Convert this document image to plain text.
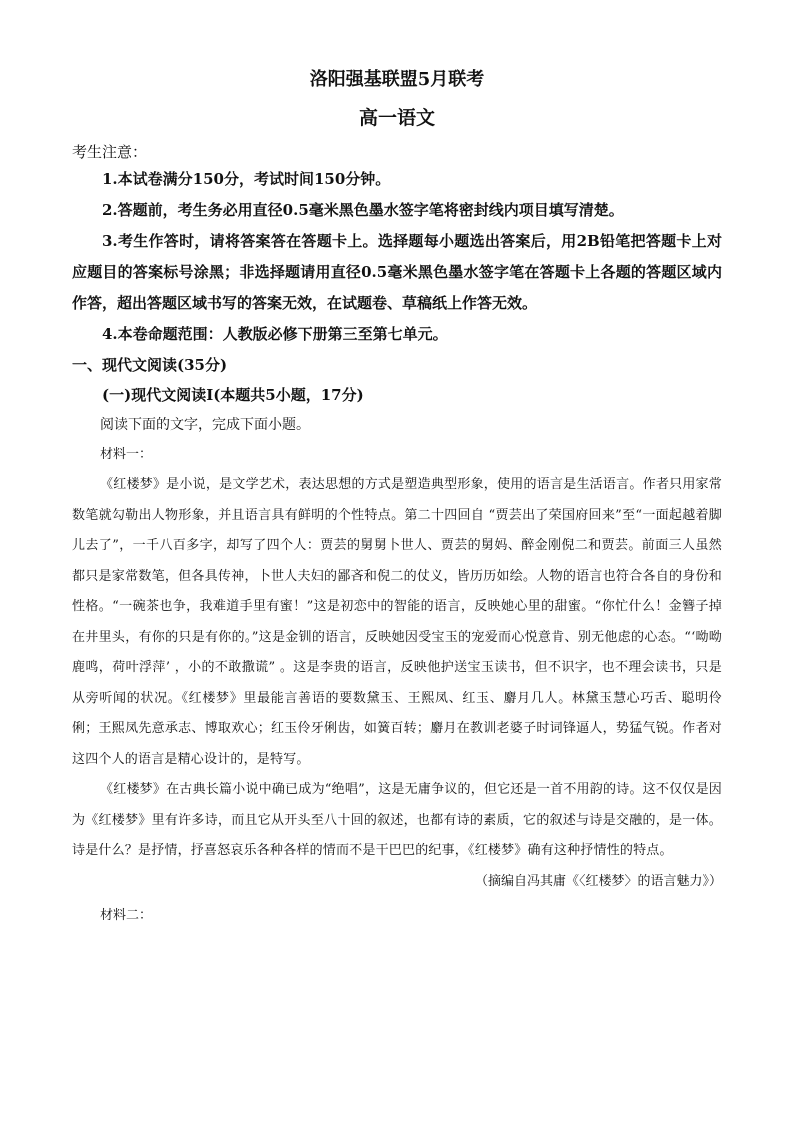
洛阳强基联盟5月联考
高一语文
考生注意：

1.本试卷满分150分，考试时间150分钟。

2.答题前，考生务必用直径0.5毫米黑色墨水签字笔将密封线内项目填写清楚。

3.考生作答时，请将答案答在答题卡上。选择题每小题选出答案后，用2B铅笔把答题卡上对应题目的答案标号涂黑；非选择题请用直径0.5毫米黑色墨水签字笔在答题卡上各题的答题区域内作答，超出答题区域书写的答案无效，在试题卷、草稿纸上作答无效。

4.本卷命题范围：人教版必修下册第三至第七单元。

一、现代文阅读(35分)

(一)现代文阅读Ⅰ(本题共5小题，17分)

阅读下面的文字，完成下面小题。

材料一：

《红楼梦》是小说，是文学艺术，表达思想的方式是塑造典型形象，使用的语言是生活语言。作者只用家常数笔就勾勒出人物形象，并且语言具有鲜明的个性特点。第二十四回自 “贾芸出了荣国府回来”至“一面起越着脚儿去了”，一千八百多字，却写了四个人：贾芸的舅舅卜世人、贾芸的舅妈、醉金刚倪二和贾芸。前面三人虽然都只是家常数笔，但各具传神，卜世人夫妇的鄙吝和倪二的仗义，皆历历如绘。人物的语言也符合各自的身份和性格。“一碗茶也争，我难道手里有蜜！”这是初恋中的智能的语言，反映她心里的甜蜜。“你忙什么！金簪子掉在井里头，有你的只是有你的。”这是金钏的语言，反映她因受宝玉的宠爱而心悦意肯、别无他虑的心态。“‘呦呦鹿鸣，荷叶浮萍’ ，小的不敢撒谎” 。这是李贵的语言，反映他护送宝玉读书，但不识字，也不理会读书，只是从旁听闻的状况。《红楼梦》里最能言善语的要数黛玉、王熙凤、红玉、麝月几人。林黛玉慧心巧舌、聪明伶俐；王熙凤先意承志、博取欢心；红玉伶牙俐齿，如簧百转；麝月在教训老婆子时词锋逼人，势猛气锐。作者对这四个人的语言是精心设计的，是特写。

《红楼梦》在古典长篇小说中确已成为“绝唱”，这是无庸争议的，但它还是一首不用韵的诗。这不仅仅是因为《红楼梦》里有许多诗，而且它从开头至八十回的叙述，也都有诗的素质，它的叙述与诗是交融的，是一体。诗是什么？是抒情，抒喜怒哀乐各种各样的情而不是干巴巴的纪事，《红楼梦》确有这种抒情性的特点。

（摘编自冯其庸《〈红楼梦〉的语言魅力》）

材料二：
